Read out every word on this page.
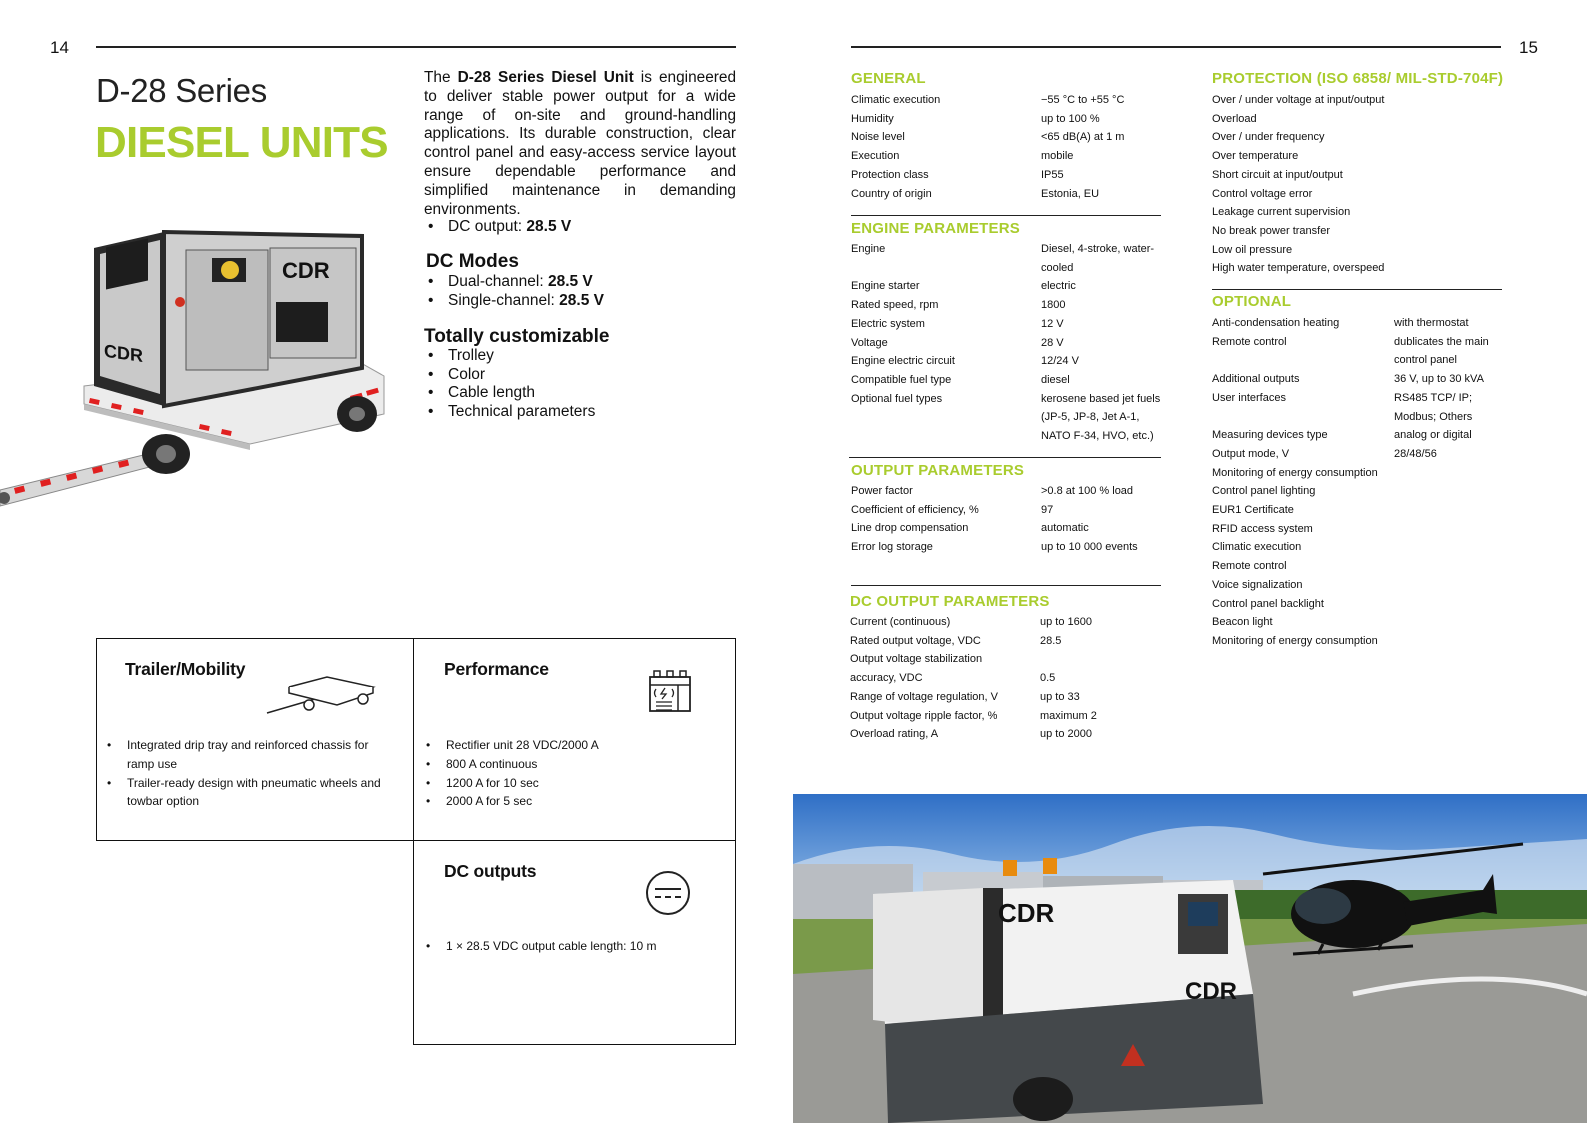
14
D-28 Series
DIESEL UNITS
The D-28 Series Diesel Unit is engineered to deliver stable power output for a wide range of on-site and ground-handling applications. Its durable construction, clear control panel and easy-access service layout ensure dependable performance and simplified maintenance in demanding environments.
• DC output: 28.5 V
DC Modes
• Dual-channel: 28.5 V
• Single-channel: 28.5 V
Totally customizable
• Trolley
• Color
• Cable length
• Technical parameters
CDR
CDR
Trailer/Mobility
• Integrated drip tray and reinforced chassis for ramp use
• Trailer-ready design with pneumatic wheels and towbar option
Performance
• Rectifier unit 28 VDC/2000 A
• 800 A continuous
• 1200 A for 10 sec
• 2000 A for 5 sec
DC outputs
• 1 × 28.5 VDC output cable length: 10 m
15
GENERAL
Climatic execution	−55 °C to +55 °C
Humidity	up to 100 %
Noise level	<65 dB(A) at 1 m
Execution	mobile
Protection class	IP55
Country of origin	Estonia, EU
ENGINE PARAMETERS
Engine	Diesel, 4-stroke, water-
cooled
Engine starter	electric
Rated speed, rpm	1800
Electric system	12 V
Voltage	28 V
Engine electric circuit	12/24 V
Compatible fuel type	diesel
Optional fuel types	kerosene based jet fuels
(JP-5, JP-8, Jet A-1,
NATO F-34, HVO, etc.)
OUTPUT PARAMETERS
Power factor	>0.8 at 100 % load
Coefficient of efficiency, %	97
Line drop compensation	automatic
Error log storage	up to 10 000 events
DC OUTPUT PARAMETERS
Current (continuous)	up to 1600
Rated output voltage, VDC	28.5
Output voltage stabilization
accuracy, VDC	0.5
Range of voltage regulation, V	up to 33
Output voltage ripple factor, %	maximum 2
Overload rating, A	up to 2000
PROTECTION (ISO 6858/ MIL-STD-704F)
Over / under voltage at input/output
Overload
Over / under frequency
Over temperature
Short circuit at input/output
Control voltage error
Leakage current supervision
No break power transfer
Low oil pressure
High water temperature, overspeed
OPTIONAL
Anti-condensation heating	with thermostat
Remote control	dublicates the main
control panel
Additional outputs	36 V, up to 30 kVA
User interfaces	RS485 TCP/ IP;
Modbus; Others
Measuring devices type	analog or digital
Output mode, V	28/48/56
Monitoring of energy consumption
Control panel lighting
EUR1 Certificate
RFID access system
Climatic execution
Remote control
Voice signalization
Control panel backlight
Beacon light
Monitoring of energy consumption
CDR
CDR
